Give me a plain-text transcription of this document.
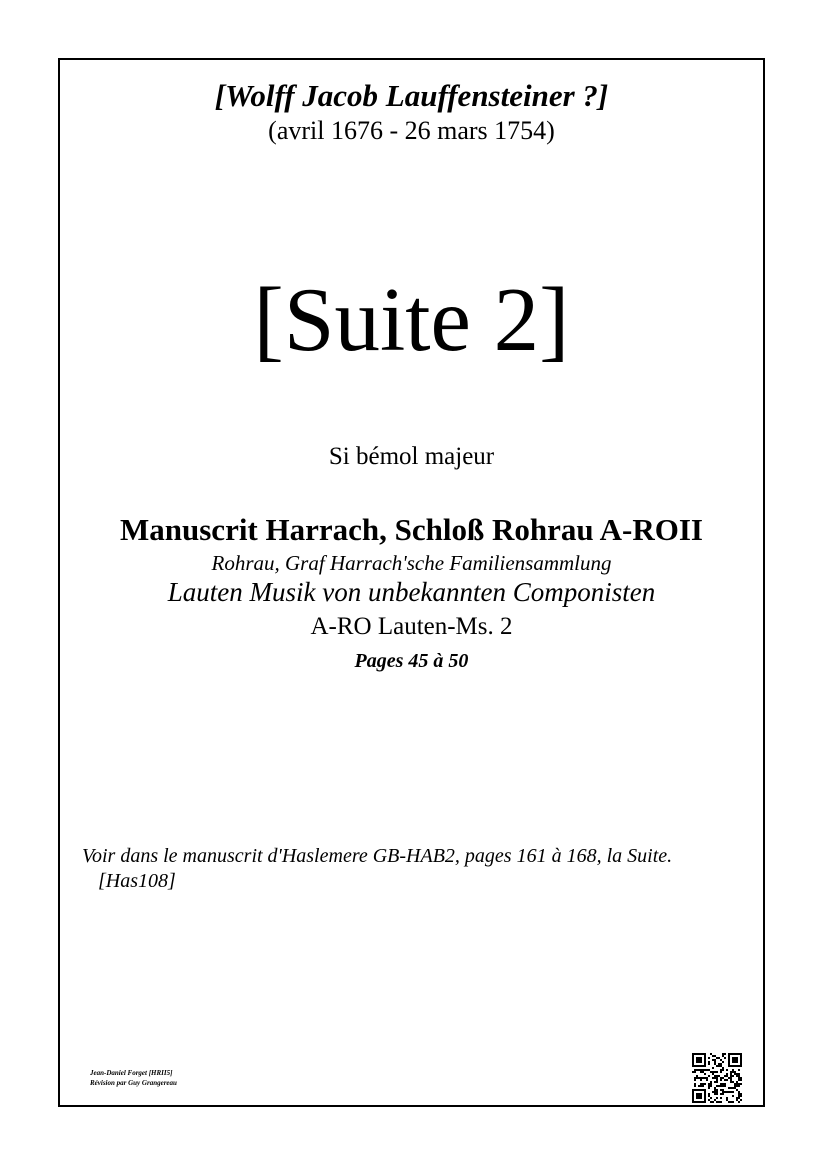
[Wolff Jacob Lauffensteiner ?]
(avril 1676 - 26 mars 1754)
[Suite 2]
Si bémol majeur
Manuscrit Harrach, Schloß Rohrau A-ROII
Rohrau, Graf Harrach'sche Familiensammlung
Lauten Musik von unbekannten Componisten
A-RO Lauten-Ms. 2
Pages 45 à 50
Voir dans le manuscrit d'Haslemere GB-HAB2, pages 161 à 168, la Suite.
[Has108]
Jean-Daniel Forget [HRII5]
Révision par Guy Grangereau
